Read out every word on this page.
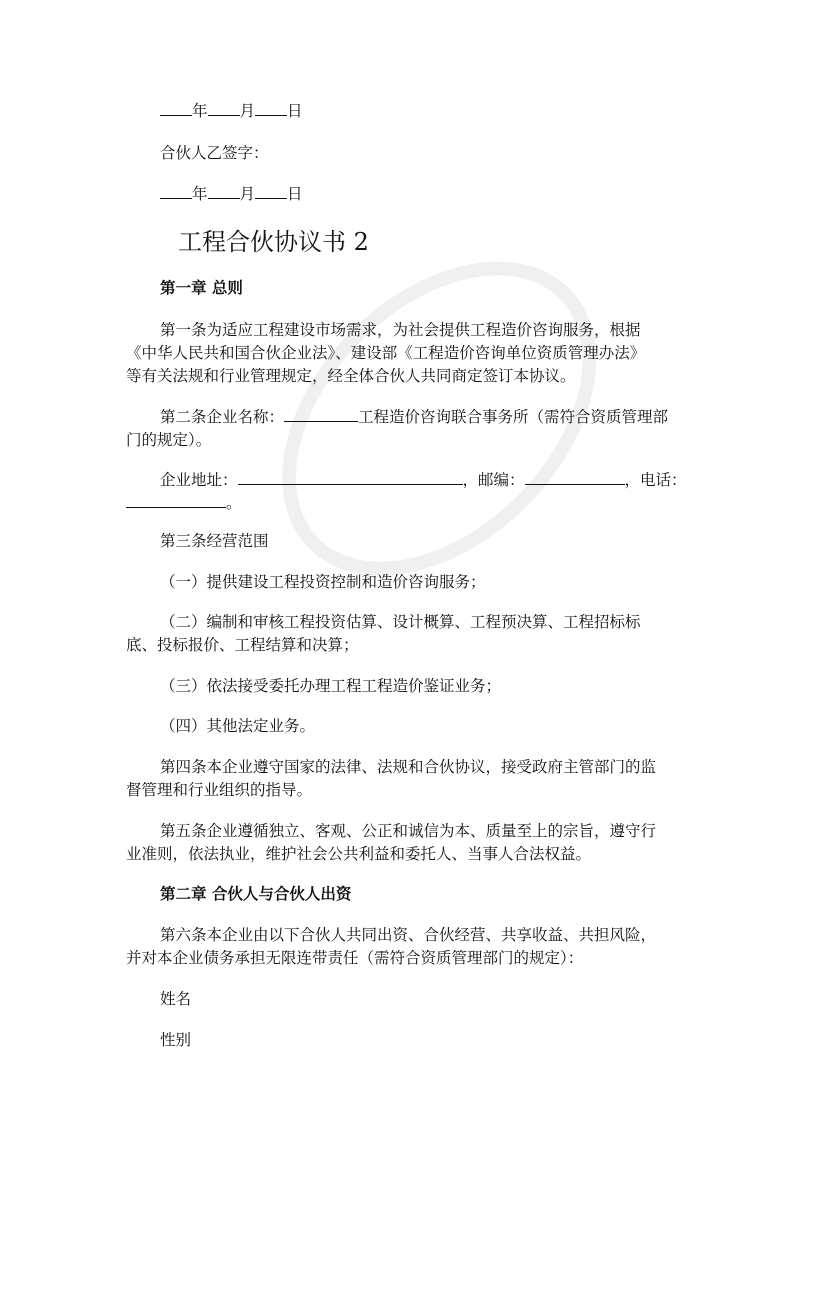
年 月 日
合伙人乙签字：
年 月 日
工程合伙协议书 2
第一章 总则
第一条为适应工程建设市场需求，为社会提供工程造价咨询服务，根据
《中华人民共和国合伙企业法》、建设部《工程造价咨询单位资质管理办法》
等有关法规和行业管理规定，经全体合伙人共同商定签订本协议。
第二条企业名称：	工程造价咨询联合事务所（需符合资质管理部
门的规定）。
企业地址：	，邮编：	，电话：
。
第三条经营范围
（一）提供建设工程投资控制和造价咨询服务；
（二）编制和审核工程投资估算、设计概算、工程预决算、工程招标标
底、投标报价、工程结算和决算；
（三）依法接受委托办理工程工程造价鉴证业务；
（四）其他法定业务。
第四条本企业遵守国家的法律、法规和合伙协议，接受政府主管部门的监
督管理和行业组织的指导。
第五条企业遵循独立、客观、公正和诚信为本、质量至上的宗旨，遵守行
业准则，依法执业，维护社会公共利益和委托人、当事人合法权益。
第二章 合伙人与合伙人出资
第六条本企业由以下合伙人共同出资、合伙经营、共享收益、共担风险，
并对本企业债务承担无限连带责任（需符合资质管理部门的规定）：
姓名
性别
